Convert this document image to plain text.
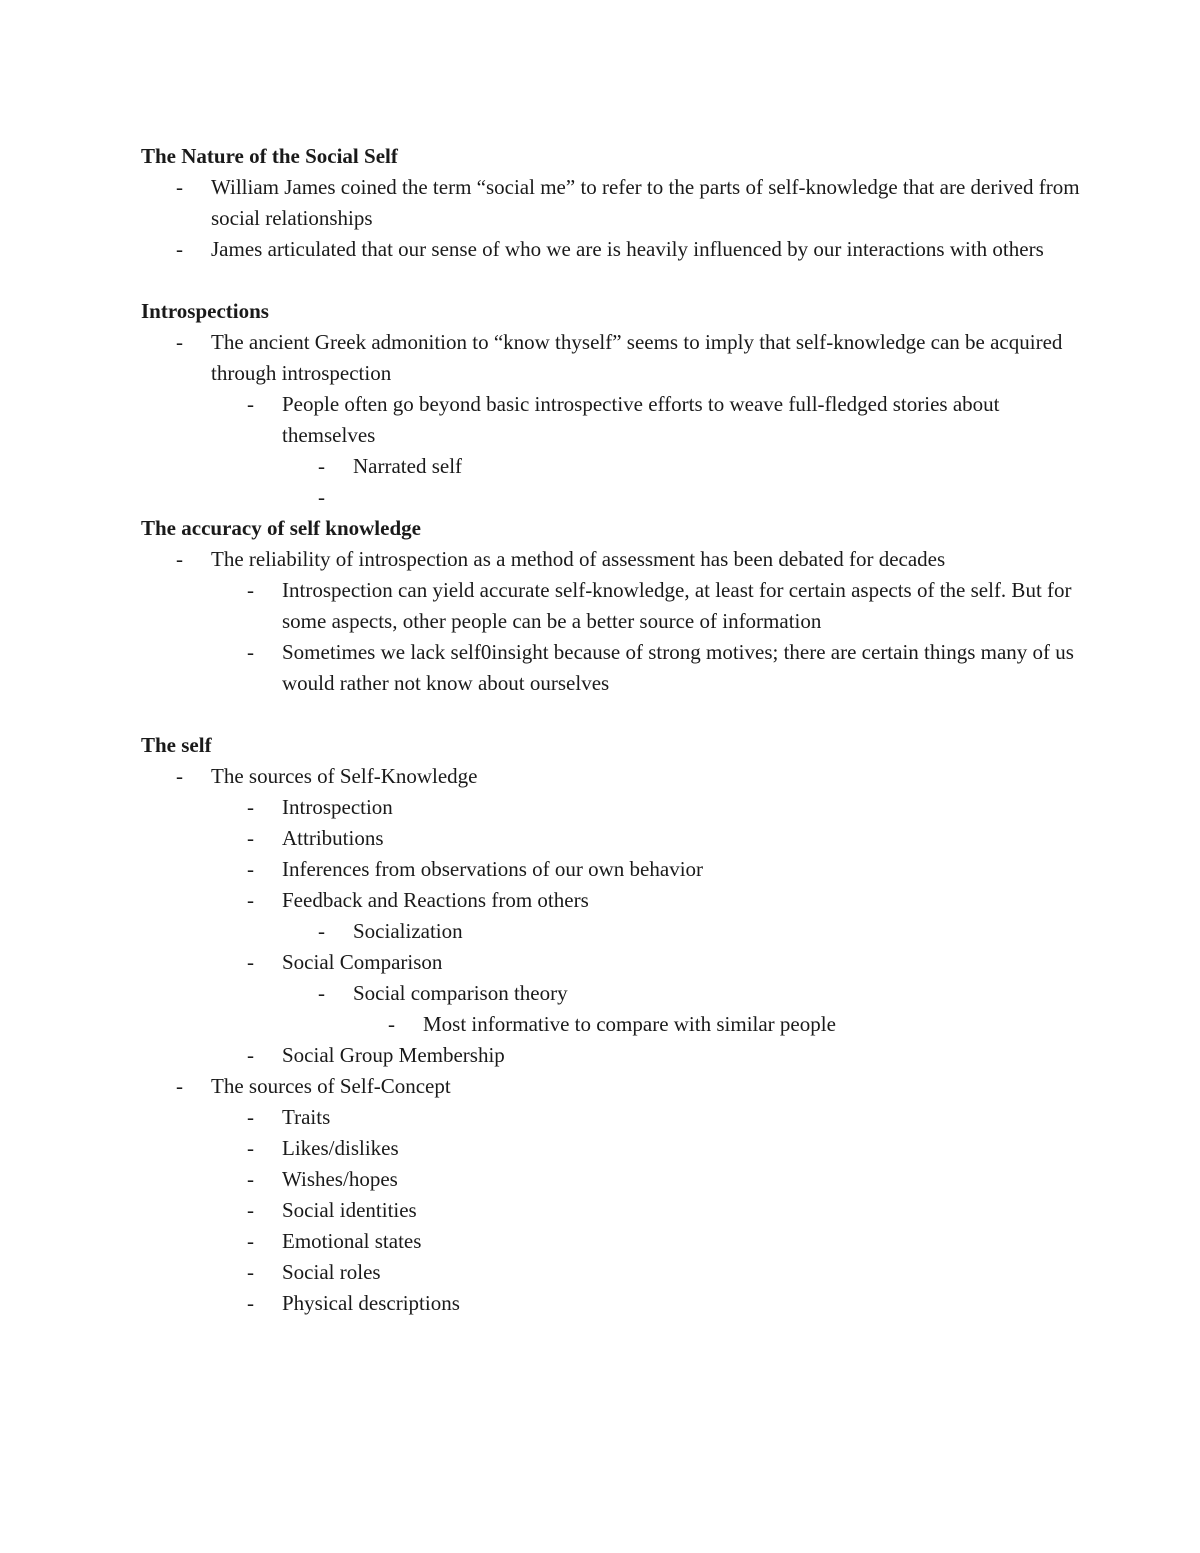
The Nature of the Social Self

-	William James coined the term “social me” to refer to the parts of self-knowledge that are derived from social relationships
-	James articulated that our sense of who we are is heavily influenced by our interactions with others

Introspections

-	The ancient Greek admonition to “know thyself” seems to imply that self-knowledge can be acquired through introspection
-	People often go beyond basic introspective efforts to weave full-fledged stories about themselves
-	Narrated self
-

The accuracy of self knowledge

-	The reliability of introspection as a method of assessment has been debated for decades
-	Introspection can yield accurate self-knowledge, at least for certain aspects of the self. But for some aspects, other people can be a better source of information
-	Sometimes we lack self0insight because of strong motives; there are certain things many of us would rather not know about ourselves

The self

-	The sources of Self-Knowledge
-	Introspection
-	Attributions
-	Inferences from observations of our own behavior
-	Feedback and Reactions from others
-	Socialization
-	Social Comparison
-	Social comparison theory
-	Most informative to compare with similar people
-	Social Group Membership
-	The sources of Self-Concept
-	Traits
-	Likes/dislikes
-	Wishes/hopes
-	Social identities
-	Emotional states
-	Social roles
-	Physical descriptions
